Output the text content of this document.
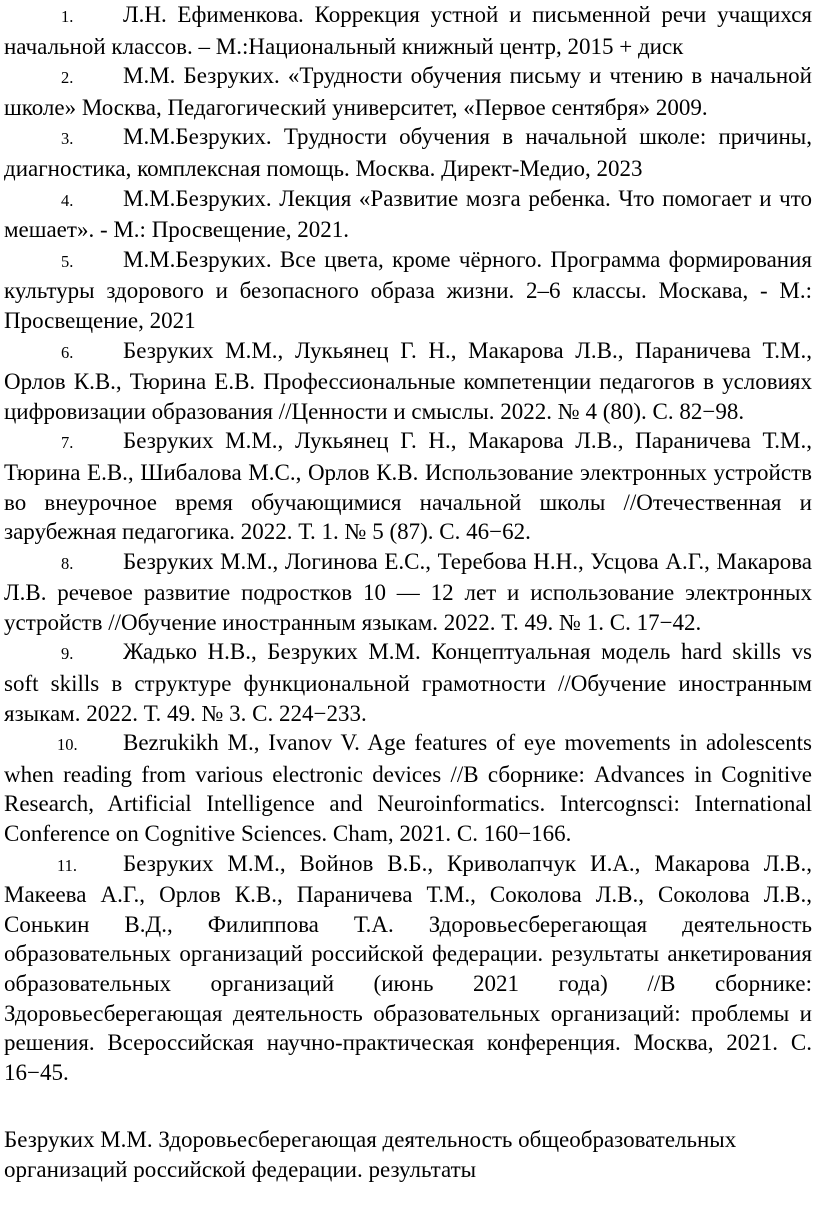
1. Л.Н. Ефименкова. Коррекция устной и письменной речи учащихся начальной классов. – М.:Национальный книжный центр, 2015 + диск

2. М.М. Безруких. «Трудности обучения письму и чтению в начальной школе» Москва, Педагогический университет, «Первое сентября» 2009.

3. М.М.Безруких. Трудности обучения в начальной школе: причины, диагностика, комплексная помощь. Москва. Директ-Медио, 2023

4. М.М.Безруких. Лекция «Развитие мозга ребенка. Что помогает и что мешает». - М.: Просвещение, 2021.

5. М.М.Безруких. Все цвета, кроме чёрного. Программа формирования культуры здорового и безопасного образа жизни. 2–6 классы. Москава, - М.: Просвещение, 2021

6. Безруких М.М., Лукьянец Г. Н., Макарова Л.В., Параничева Т.М., Орлов К.В., Тюрина Е.В. Профессиональные компетенции педагогов в условиях цифровизации образования //Ценности и смыслы. 2022. № 4 (80). С. 82−98.

7. Безруких М.М., Лукьянец Г. Н., Макарова Л.В., Параничева Т.М., Тюрина Е.В., Шибалова М.С., Орлов К.В. Использование электронных устройств во внеурочное время обучающимися начальной школы //Отечественная и зарубежная педагогика. 2022. Т. 1. № 5 (87). С. 46−62.

8. Безруких М.М., Логинова Е.С., Теребова Н.Н., Усцова А.Г., Макарова Л.В. речевое развитие подростков 10 — 12 лет и использование электронных устройств //Обучение иностранным языкам. 2022. Т. 49. № 1. С. 17−42.

9. Жадько Н.В., Безруких М.М. Концептуальная модель hard skills vs soft skills в структуре функциональной грамотности //Обучение иностранным языкам. 2022. Т. 49. № 3. С. 224−233.

10. Bezrukikh M., Ivanov V. Age features of eye movements in adolescents when reading from various electronic devices //В сборнике: Advances in Cognitive Research, Artificial Intelligence and Neuroinformatics. Intercognsci: International Conference on Cognitive Sciences. Cham, 2021. С. 160−166.

11. Безруких М.М., Войнов В.Б., Криволапчук И.А., Макарова Л.В., Макеева А.Г., Орлов К.В., Параничева Т.М., Соколова Л.В., Соколова Л.В., Сонькин В.Д., Филиппова Т.А. Здоровьесберегающая деятельность образовательных организаций российской федерации. результаты анкетирования образовательных организаций (июнь 2021 года) //В сборнике: Здоровьесберегающая деятельность образовательных организаций: проблемы и решения. Всероссийская научно-практическая конференция. Москва, 2021. С. 16−45.

Безруких М.М. Здоровьесберегающая деятельность общеобразовательных организаций российской федерации. результаты
